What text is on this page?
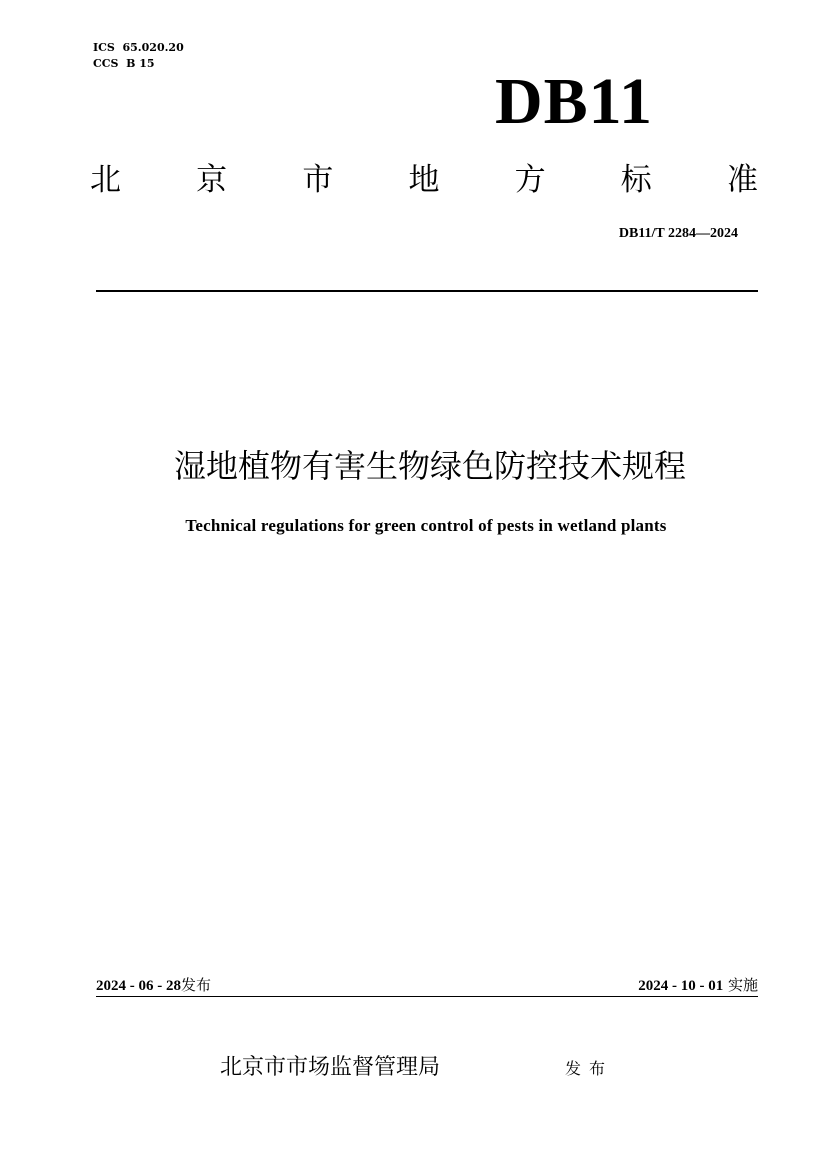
ICS  65.020.20
CCS  B 15
DB11
北 京 市 地 方 标 准
DB11/T 2284—2024
湿地植物有害生物绿色防控技术规程
Technical regulations for green control of pests in wetland plants
2024 - 06 - 28发布	2024 - 10 - 01 实施
北京市市场监督管理局	发布
